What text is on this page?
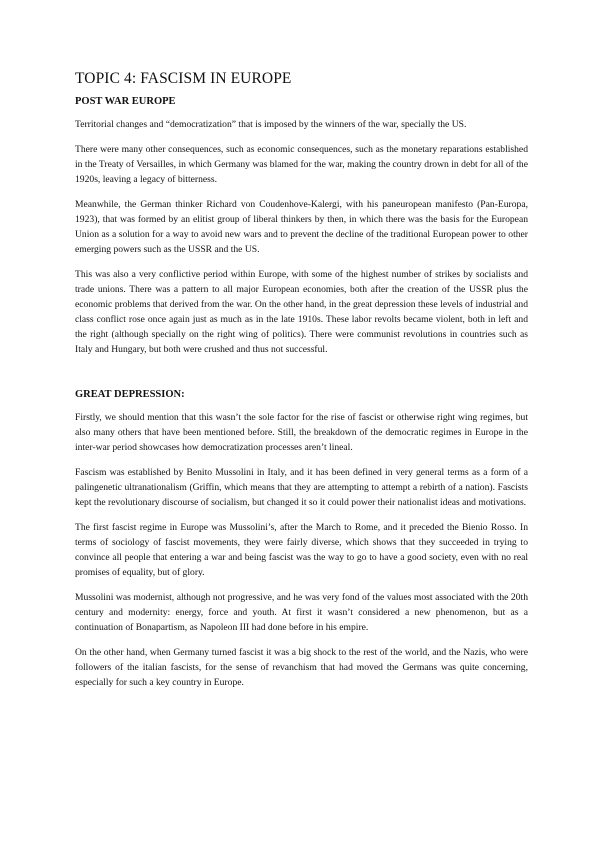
TOPIC 4: FASCISM IN EUROPE
POST WAR EUROPE

Territorial changes and “democratization” that is imposed by the winners of the war, specially the US.

There were many other consequences, such as economic consequences, such as the monetary reparations established in the Treaty of Versailles, in which Germany was blamed for the war, making the country drown in debt for all of the 1920s, leaving a legacy of bitterness.

Meanwhile, the German thinker Richard von Coudenhove-Kalergi, with his paneuropean manifesto (Pan-Europa, 1923), that was formed by an elitist group of liberal thinkers by then, in which there was the basis for the European Union as a solution for a way to avoid new wars and to prevent the decline of the traditional European power to other emerging powers such as the USSR and the US.

This was also a very conflictive period within Europe, with some of the highest number of strikes by socialists and trade unions. There was a pattern to all major European economies, both after the creation of the USSR plus the economic problems that derived from the war. On the other hand, in the great depression these levels of industrial and class conflict rose once again just as much as in the late 1910s. These labor revolts became violent, both in left and the right (although specially on the right wing of politics). There were communist revolutions in countries such as Italy and Hungary, but both were crushed and thus not successful.

GREAT DEPRESSION:

Firstly, we should mention that this wasn’t the sole factor for the rise of fascist or otherwise right wing regimes, but also many others that have been mentioned before. Still, the breakdown of the democratic regimes in Europe in the inter-war period showcases how democratization processes aren’t lineal.

Fascism was established by Benito Mussolini in Italy, and it has been defined in very general terms as a form of a palingenetic ultranationalism (Griffin, which means that they are attempting to attempt a rebirth of a nation). Fascists kept the revolutionary discourse of socialism, but changed it so it could power their nationalist ideas and motivations.

The first fascist regime in Europe was Mussolini’s, after the March to Rome, and it preceded the Bienio Rosso. In terms of sociology of fascist movements, they were fairly diverse, which shows that they succeeded in trying to convince all people that entering a war and being fascist was the way to go to have a good society, even with no real promises of equality, but of glory.

Mussolini was modernist, although not progressive, and he was very fond of the values most associated with the 20th century and modernity: energy, force and youth. At first it wasn’t considered a new phenomenon, but as a continuation of Bonapartism, as Napoleon III had done before in his empire.

On the other hand, when Germany turned fascist it was a big shock to the rest of the world, and the Nazis, who were followers of the italian fascists, for the sense of revanchism that had moved the Germans was quite concerning, especially for such a key country in Europe.
